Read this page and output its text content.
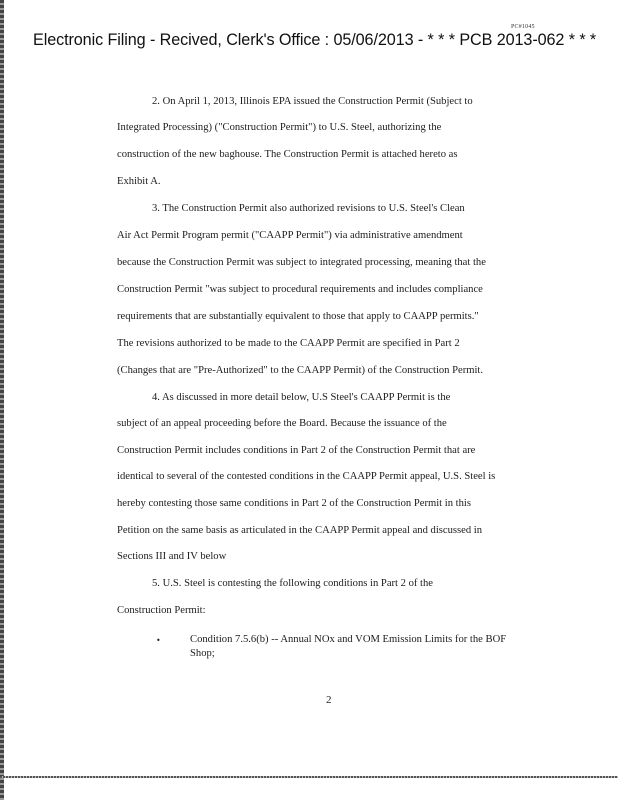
PC#1045
Electronic Filing - Recived, Clerk's Office : 05/06/2013 - * * * PCB 2013-062 * * *
2. On April 1, 2013, Illinois EPA issued the Construction Permit (Subject to
Integrated Processing) ("Construction Permit") to U.S. Steel, authorizing the
construction of the new baghouse. The Construction Permit is attached hereto as
Exhibit A.
3. The Construction Permit also authorized revisions to U.S. Steel's Clean
Air Act Permit Program permit ("CAAPP Permit") via administrative amendment
because the Construction Permit was subject to integrated processing, meaning that the
Construction Permit "was subject to procedural requirements and includes compliance
requirements that are substantially equivalent to those that apply to CAAPP permits."
The revisions authorized to be made to the CAAPP Permit are specified in Part 2
(Changes that are "Pre-Authorized" to the CAAPP Permit) of the Construction Permit.
4. As discussed in more detail below, U.S Steel's CAAPP Permit is the
subject of an appeal proceeding before the Board. Because the issuance of the
Construction Permit includes conditions in Part 2 of the Construction Permit that are
identical to several of the contested conditions in the CAAPP Permit appeal, U.S. Steel is
hereby contesting those same conditions in Part 2 of the Construction Permit in this
Petition on the same basis as articulated in the CAAPP Permit appeal and discussed in
Sections III and IV below
5. U.S. Steel is contesting the following conditions in Part 2 of the
Construction Permit:
•	Condition 7.5.6(b) -- Annual NOx and VOM Emission Limits for the BOF
Shop;
2
